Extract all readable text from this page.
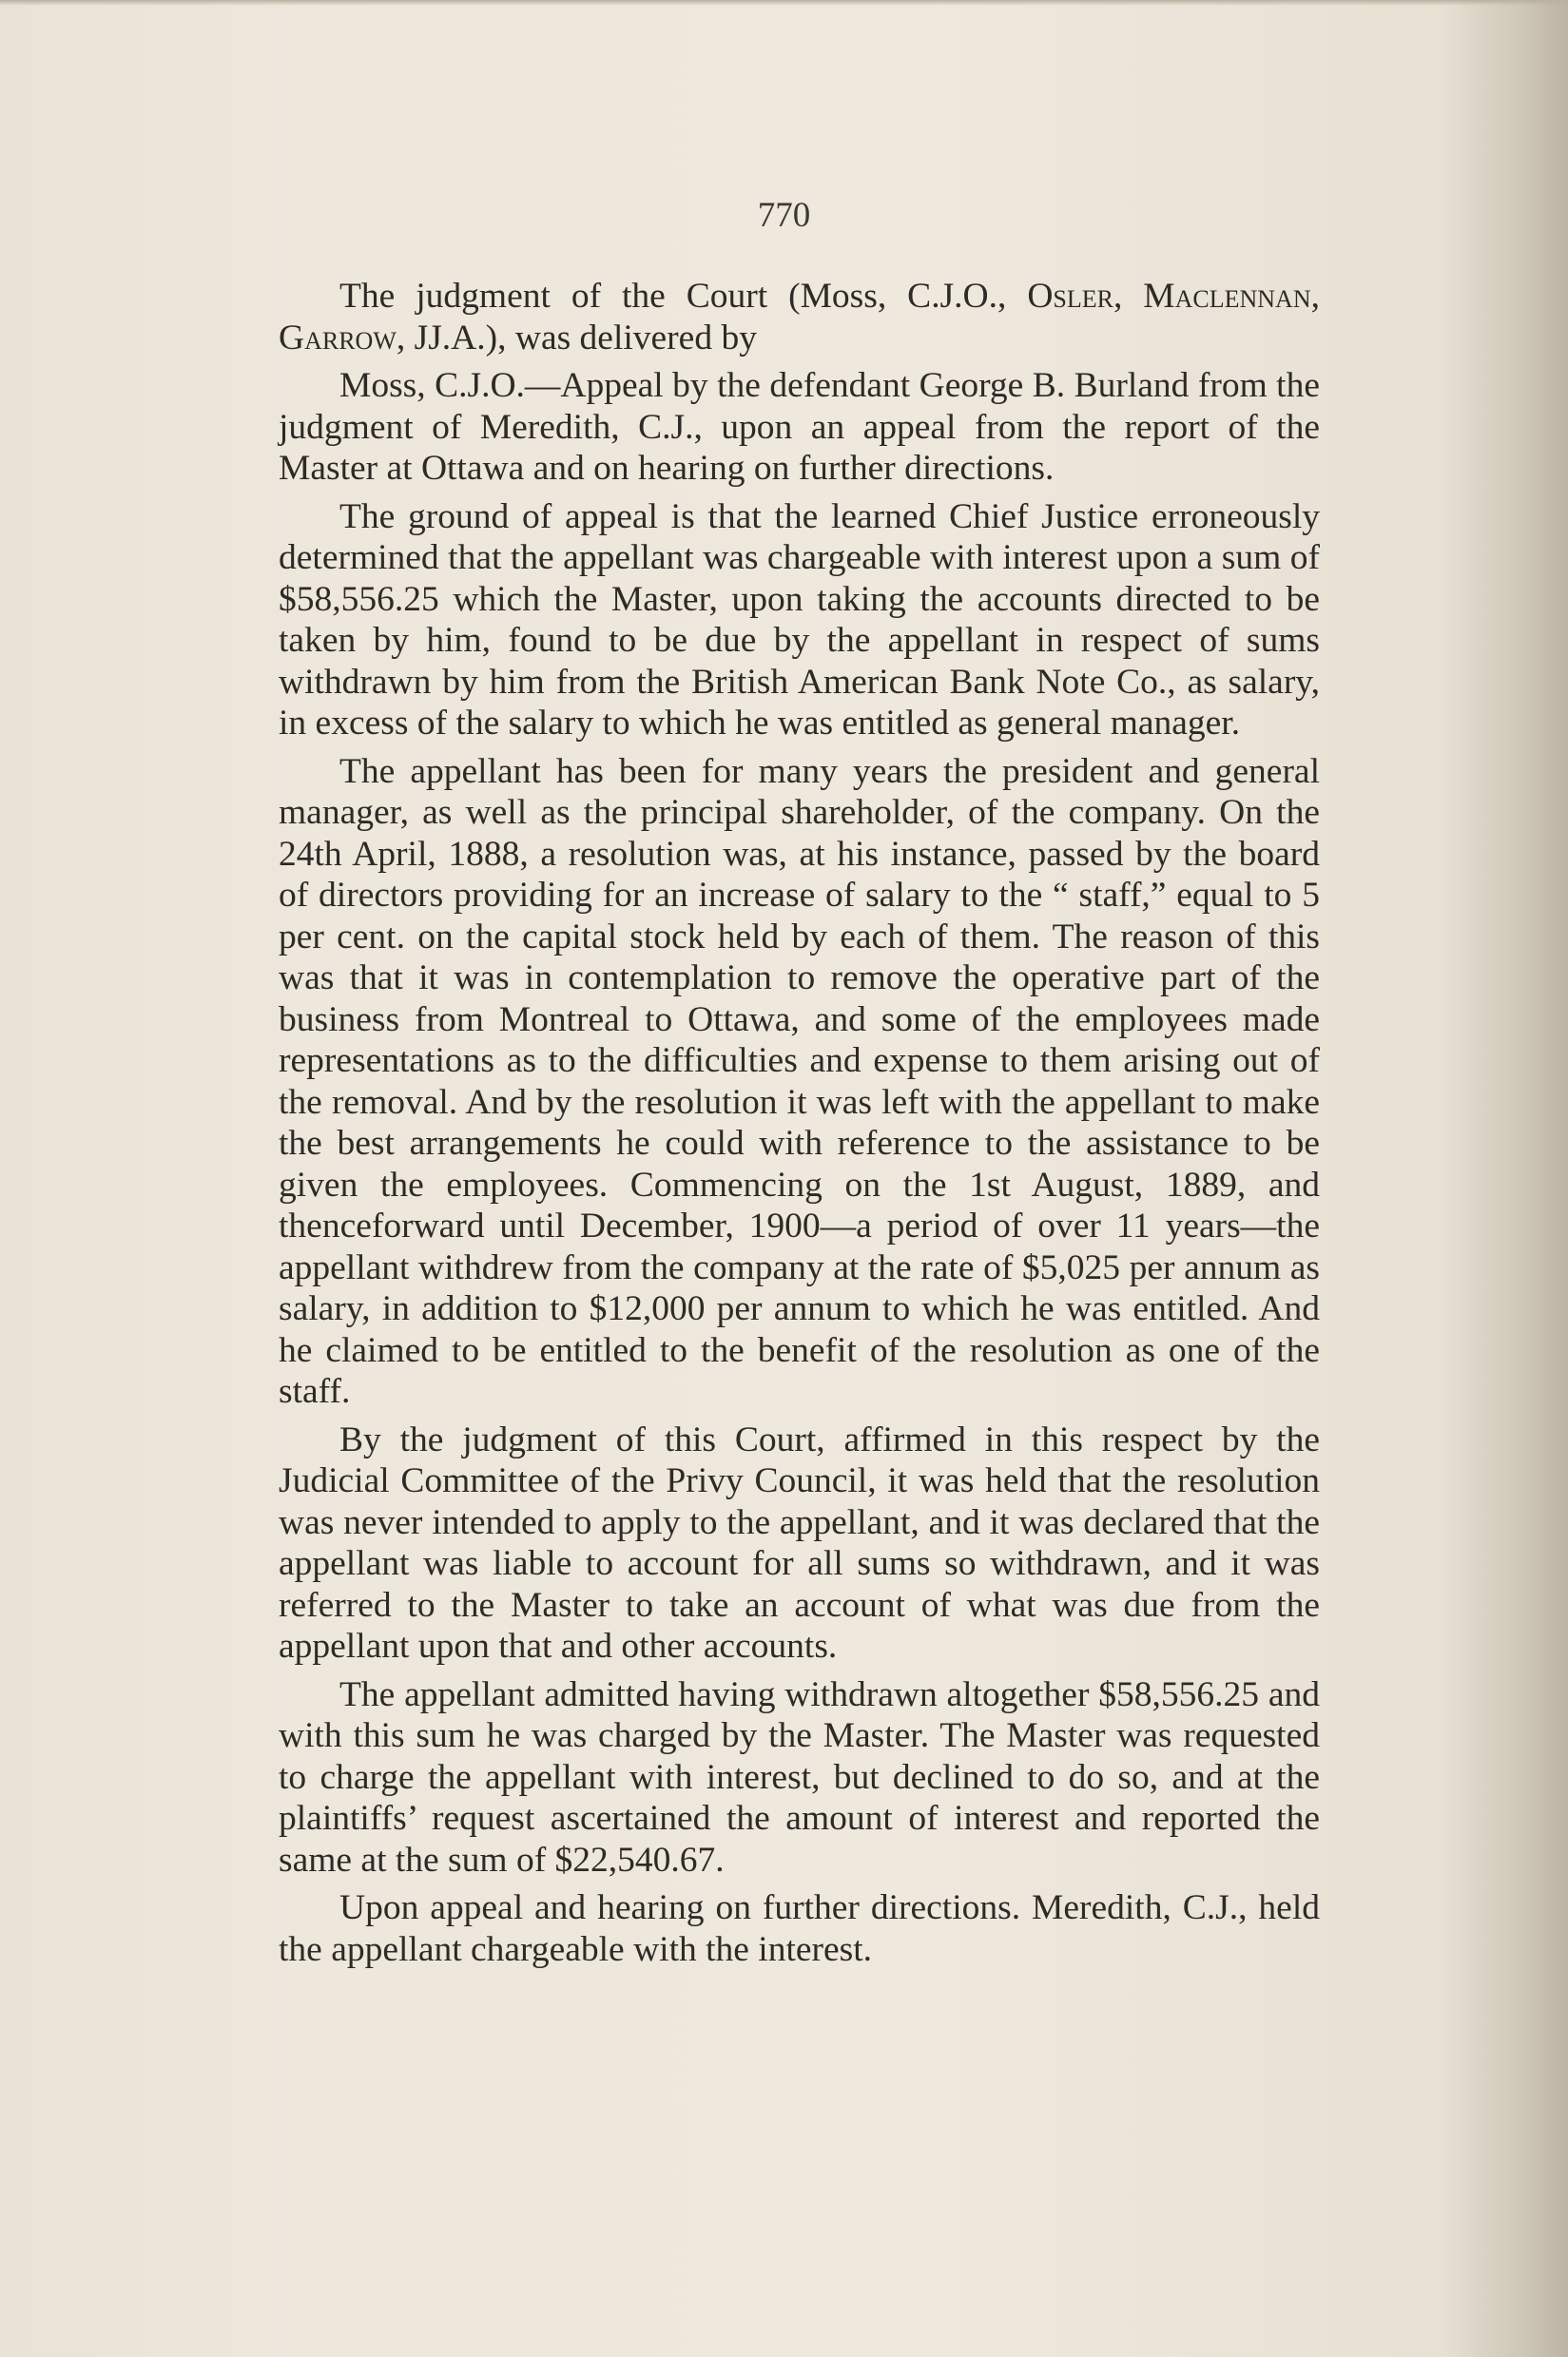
770

The judgment of the Court (Moss, C.J.O., Osler, Maclennan, Garrow, JJ.A.), was delivered by

Moss, C.J.O.—Appeal by the defendant George B. Burland from the judgment of Meredith, C.J., upon an appeal from the report of the Master at Ottawa and on hearing on further directions.

The ground of appeal is that the learned Chief Justice erroneously determined that the appellant was chargeable with interest upon a sum of $58,556.25 which the Master, upon taking the accounts directed to be taken by him, found to be due by the appellant in respect of sums withdrawn by him from the British American Bank Note Co., as salary, in excess of the salary to which he was entitled as general manager.

The appellant has been for many years the president and general manager, as well as the principal shareholder, of the company. On the 24th April, 1888, a resolution was, at his instance, passed by the board of directors providing for an increase of salary to the “ staff,” equal to 5 per cent. on the capital stock held by each of them. The reason of this was that it was in contemplation to remove the operative part of the business from Montreal to Ottawa, and some of the employees made representations as to the difficulties and expense to them arising out of the removal. And by the resolution it was left with the appellant to make the best arrangements he could with reference to the assistance to be given the employees. Commencing on the 1st August, 1889, and thenceforward until December, 1900—a period of over 11 years—the appellant withdrew from the company at the rate of $5,025 per annum as salary, in addition to $12,000 per annum to which he was entitled. And he claimed to be entitled to the benefit of the resolution as one of the staff.

By the judgment of this Court, affirmed in this respect by the Judicial Committee of the Privy Council, it was held that the resolution was never intended to apply to the appellant, and it was declared that the appellant was liable to account for all sums so withdrawn, and it was referred to the Master to take an account of what was due from the appellant upon that and other accounts.

The appellant admitted having withdrawn altogether $58,556.25 and with this sum he was charged by the Master. The Master was requested to charge the appellant with interest, but declined to do so, and at the plaintiffs’ request ascertained the amount of interest and reported the same at the sum of $22,540.67.

Upon appeal and hearing on further directions. Meredith, C.J., held the appellant chargeable with the interest.
